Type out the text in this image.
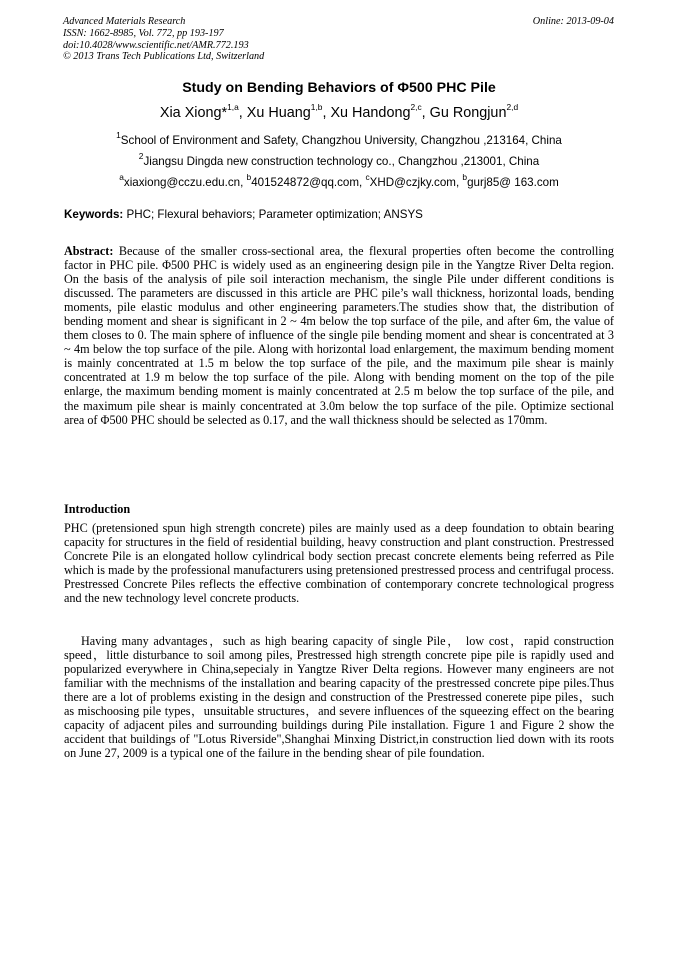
Advanced Materials Research
ISSN: 1662-8985, Vol. 772, pp 193-197
doi:10.4028/www.scientific.net/AMR.772.193
© 2013 Trans Tech Publications Ltd, Switzerland
Online: 2013-09-04
Study on Bending Behaviors of Φ500 PHC Pile
Xia Xiong*$^{1,a}$, Xu Huang$^{1,b}$, Xu Handong$^{2,c}$, Gu Rongjun$^{2,d}$
$^1$School of Environment and Safety, Changzhou University, Changzhou ,213164, China
$^2$Jiangsu Dingda new construction technology co., Changzhou ,213001, China
$^a$xiaxiong@cczu.edu.cn, $^b$401524872@qq.com, $^c$XHD@czjky.com, $^b$gurj85@ 163.com
Keywords: PHC; Flexural behaviors; Parameter optimization; ANSYS
Abstract: Because of the smaller cross-sectional area, the flexural properties often become the controlling factor in PHC pile. Φ500 PHC is widely used as an engineering design pile in the Yangtze River Delta region. On the basis of the analysis of pile soil interaction mechanism, the single Pile under different conditions is discussed. The parameters are discussed in this article are PHC pile’s wall thickness, horizontal loads, bending moments, pile elastic modulus and other engineering parameters.The studies show that, the distribution of bending moment and shear is significant in 2 ~ 4m below the top surface of the pile, and after 6m, the value of them closes to 0. The main sphere of influence of the single pile bending moment and shear is concentrated at 3 ~ 4m below the top surface of the pile. Along with horizontal load enlargement, the maximum bending moment is mainly concentrated at 1.5 m below the top surface of the pile, and the maximum pile shear is mainly concentrated at 1.9 m below the top surface of the pile. Along with bending moment on the top of the pile enlarge, the maximum bending moment is mainly concentrated at 2.5 m below the top surface of the pile, and the maximum pile shear is mainly concentrated at 3.0m below the top surface of the pile. Optimize sectional area of Φ500 PHC should be selected as 0.17, and the wall thickness should be selected as 170mm.
Introduction
PHC (pretensioned spun high strength concrete) piles are mainly used as a deep foundation to obtain bearing capacity for structures in the field of residential building, heavy construction and plant construction. Prestressed Concrete Pile is an elongated hollow cylindrical body section precast concrete elements being referred as Pile which is made by the professional manufacturers using pretensioned prestressed process and centrifugal process. Prestressed Concrete Piles reflects the effective combination of contemporary concrete technological progress and the new technology level concrete products.
Having many advantages，such as high bearing capacity of single Pile， low cost，rapid construction speed，little disturbance to soil among piles, Prestressed high strength concrete pipe pile is rapidly used and popularized everywhere in China,sepecialy in Yangtze River Delta regions. However many engineers are not familiar with the mechnisms of the installation and bearing capacity of the prestressed concrete pipe piles.Thus there are a lot of problems existing in the design and construction of the Prestressed conerete pipe piles，such as mischoosing pile types，unsuitable structures，and severe influences of the squeezing effect on the bearing capacity of adjacent piles and surrounding buildings during Pile installation. Figure 1 and Figure 2 show the accident that buildings of "Lotus Riverside",Shanghai Minxing District,in construction lied down with its roots on June 27, 2009 is a typical one of the failure in the bending shear of pile foundation.
